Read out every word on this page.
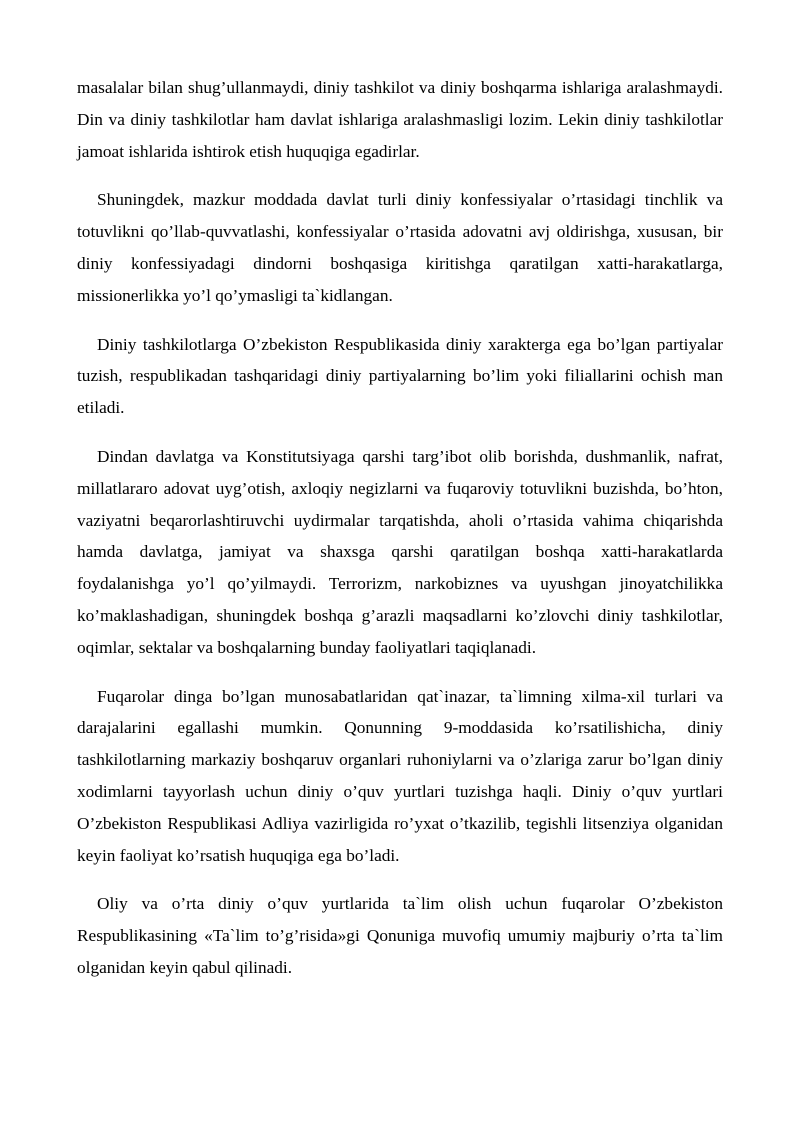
masalalar bilan shug’ullanmaydi, diniy tashkilot va diniy boshqarma ishlariga aralashmaydi. Din va diniy tashkilotlar ham davlat ishlariga aralashmasligi lozim. Lekin diniy tashkilotlar jamoat ishlarida ishtirok etish huquqiga egadirlar.

Shuningdek, mazkur moddada davlat turli diniy konfessiyalar o’rtasidagi tinchlik va totuvlikni qo’llab-quvvatlashi, konfessiyalar o’rtasida adovatni avj oldirishga, xususan, bir diniy konfessiyadagi dindorni boshqasiga kiritishga qaratilgan xatti-harakatlarga, missionerlikka yo’l qo’ymasligi ta`kidlangan.

Diniy tashkilotlarga O’zbekiston Respublikasida diniy xarakterga ega bo’lgan partiyalar tuzish, respublikadan tashqaridagi diniy partiyalarning bo’lim yoki filiallarini ochish man etiladi.

Dindan davlatga va Konstitutsiyaga qarshi targ’ibot olib borishda, dushmanlik, nafrat, millatlararo adovat uyg’otish, axloqiy negizlarni va fuqaroviy totuvlikni buzishda, bo’hton, vaziyatni beqarorlashtiruvchi uydirmalar tarqatishda, aholi o’rtasida vahima chiqarishda hamda davlatga, jamiyat va shaxsga qarshi qaratilgan boshqa xatti-harakatlarda foydalanishga yo’l qo’yilmaydi. Terrorizm, narkobiznes va uyushgan jinoyatchilikka ko’maklashadigan, shuningdek boshqa g’arazli maqsadlarni ko’zlovchi diniy tashkilotlar, oqimlar, sektalar va boshqalarning bunday faoliyatlari taqiqlanadi.

Fuqarolar dinga bo’lgan munosabatlaridan qat`inazar, ta`limning xilma-xil turlari va darajalarini egallashi mumkin. Qonunning 9-moddasida ko’rsatilishicha, diniy tashkilotlarning markaziy boshqaruv organlari ruhoniylarni va o’zlariga zarur bo’lgan diniy xodimlarni tayyorlash uchun diniy o’quv yurtlari tuzishga haqli. Diniy o’quv yurtlari O’zbekiston Respublikasi Adliya vazirligida ro’yxat o’tkazilib, tegishli litsenziya olganidan keyin faoliyat ko’rsatish huquqiga ega bo’ladi.

Oliy va o’rta diniy o’quv yurtlarida ta`lim olish uchun fuqarolar O’zbekiston Respublikasining «Ta`lim to’g’risida»gi Qonuniga muvofiq umumiy majburiy o’rta ta`lim olganidan keyin qabul qilinadi.
